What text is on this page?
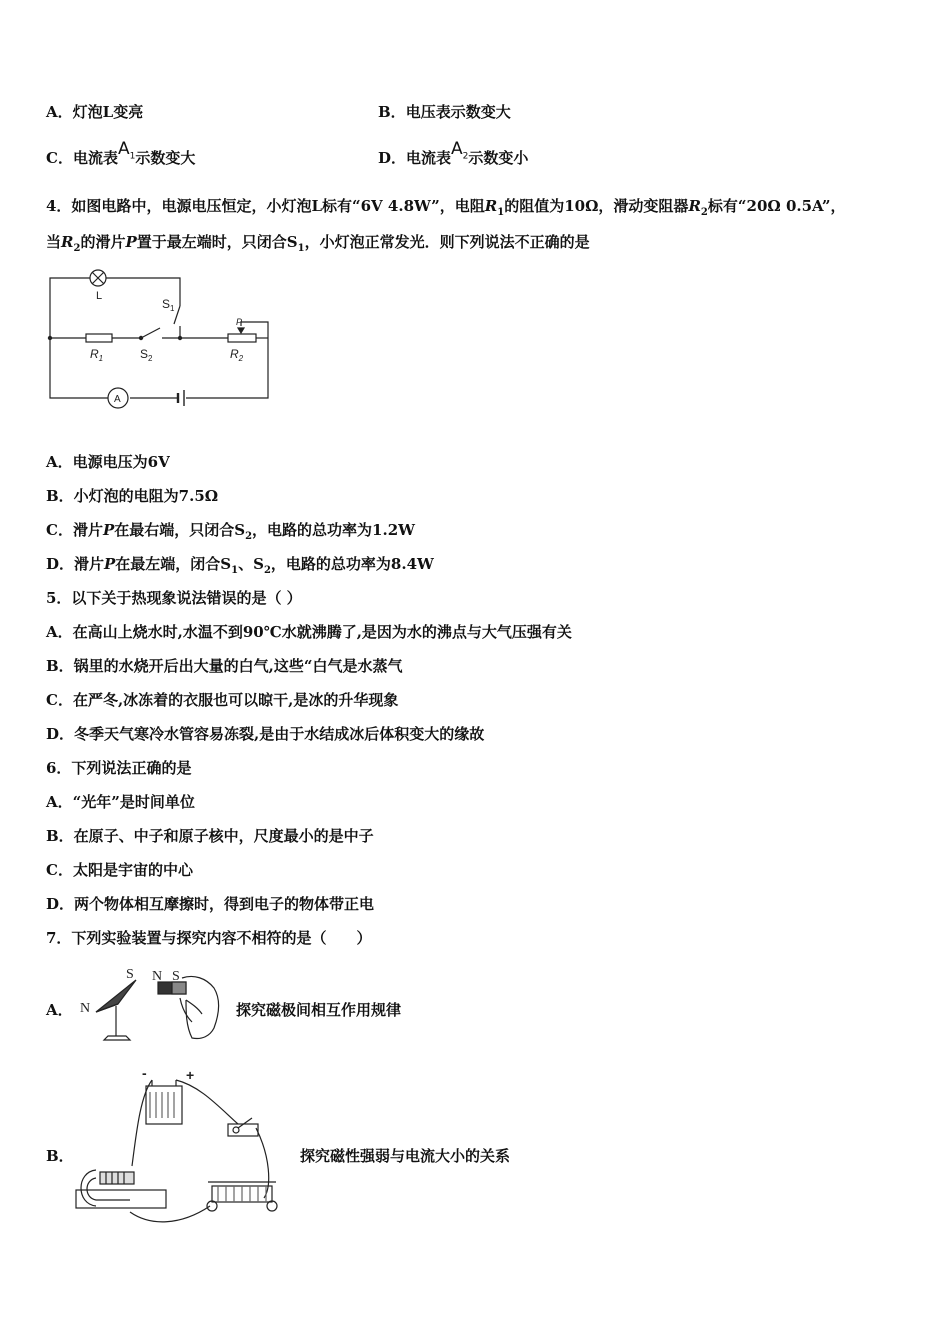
A．灯泡L变亮	B．电压表示数变大
C．电流表$A_1$示数变大	D．电流表$A_2$示数变小
4．如图电路中，电源电压恒定，小灯泡L标有“6V 4.8W”，电阻$R_1$的阻值为10Ω，滑动变阻器$R_2$标有“20Ω 0.5A”，
当$R_2$的滑片P置于最左端时，只闭合$S_1$，小灯泡正常发光．则下列说法不正确的是
L
$S_1$
$R_1$	$S_2$	$R_2$
P
A
A．电源电压为6V
B．小灯泡的电阻为7.5Ω
C．滑片P在最右端，只闭合$S_2$，电路的总功率为1.2W
D．滑片P在最左端，闭合$S_1$、$S_2$，电路的总功率为8.4W
5．以下关于热现象说法错误的是（ ）
A．在高山上烧水时,水温不到90℃水就沸腾了,是因为水的沸点与大气压强有关
B．锅里的水烧开后出大量的白气,这些“白气是水蒸气
C．在严冬,冰冻着的衣服也可以晾干,是冰的升华现象
D．冬季天气寒冷水管容易冻裂,是由于水结成冰后体积变大的缘故
6．下列说法正确的是
A．“光年”是时间单位
B．在原子、中子和原子核中，尺度最小的是中子
C．太阳是宇宙的中心
D．两个物体相互摩擦时，得到电子的物体带正电
7．下列实验装置与探究内容不相符的是（　　）
A． N
S N S
探究磁极间相互作用规律
B．
-	+
探究磁性强弱与电流大小的关系
